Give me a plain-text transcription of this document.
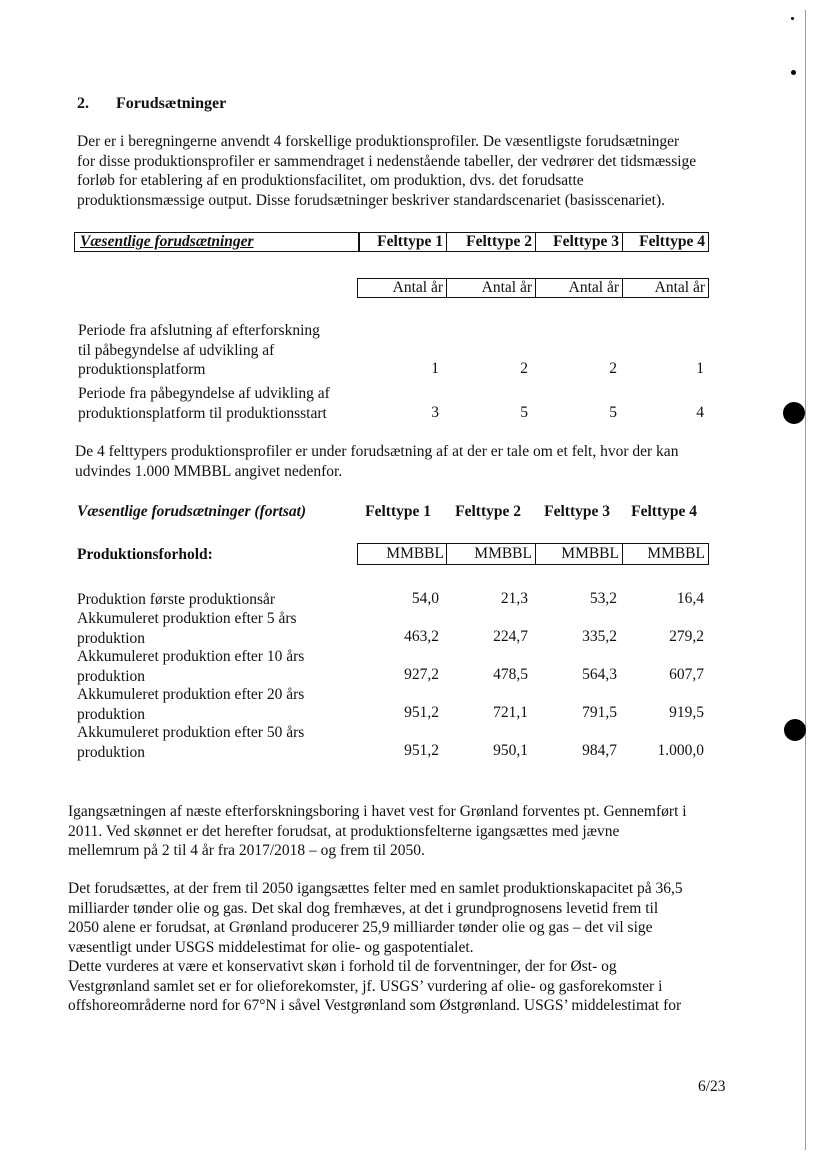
2. Forudsætninger
Der er i beregningerne anvendt 4 forskellige produktionsprofiler. De væsentligste forudsætninger
for disse produktionsprofiler er sammendraget i nedenstående tabeller, der vedrører det tidsmæssige
forløb for etablering af en produktionsfacilitet, om produktion, dvs. det forudsatte
produktionsmæssige output. Disse forudsætninger beskriver standardscenariet (basisscenariet).
Væsentlige forudsætninger	Felttype 1	Felttype 2	Felttype 3	Felttype 4
Antal år	Antal år	Antal år	Antal år
Periode fra afslutning af efterforskning
til påbegyndelse af udvikling af
produktionsplatform	1	2	2	1
Periode fra påbegyndelse af udvikling af
produktionsplatform til produktionsstart	3	5	5	4
De 4 felttypers produktionsprofiler er under forudsætning af at der er tale om et felt, hvor der kan
udvindes 1.000 MMBBL angivet nedenfor.
Væsentlige forudsætninger (fortsat)	Felttype 1	Felttype 2	Felttype 3	Felttype 4
Produktionsforhold:	MMBBL	MMBBL	MMBBL	MMBBL
Produktion første produktionsår	54,0	21,3	53,2	16,4
Akkumuleret produktion efter 5 års
produktion	463,2	224,7	335,2	279,2
Akkumuleret produktion efter 10 års
produktion	927,2	478,5	564,3	607,7
Akkumuleret produktion efter 20 års
produktion	951,2	721,1	791,5	919,5
Akkumuleret produktion efter 50 års
produktion	951,2	950,1	984,7	1.000,0
Igangsætningen af næste efterforskningsboring i havet vest for Grønland forventes pt. Gennemført i
2011. Ved skønnet er det herefter forudsat, at produktionsfelterne igangsættes med jævne
mellemrum på 2 til 4 år fra 2017/2018 – og frem til 2050.
Det forudsættes, at der frem til 2050 igangsættes felter med en samlet produktionskapacitet på 36,5
milliarder tønder olie og gas. Det skal dog fremhæves, at det i grundprognosens levetid frem til
2050 alene er forudsat, at Grønland producerer 25,9 milliarder tønder olie og gas – det vil sige
væsentligt under USGS middelestimat for olie- og gaspotentialet.
Dette vurderes at være et konservativt skøn i forhold til de forventninger, der for Øst- og
Vestgrønland samlet set er for olieforekomster, jf. USGS’ vurdering af olie- og gasforekomster i
offshoreområderne nord for 67°N i såvel Vestgrønland som Østgrønland. USGS’ middelestimat for
6/23
